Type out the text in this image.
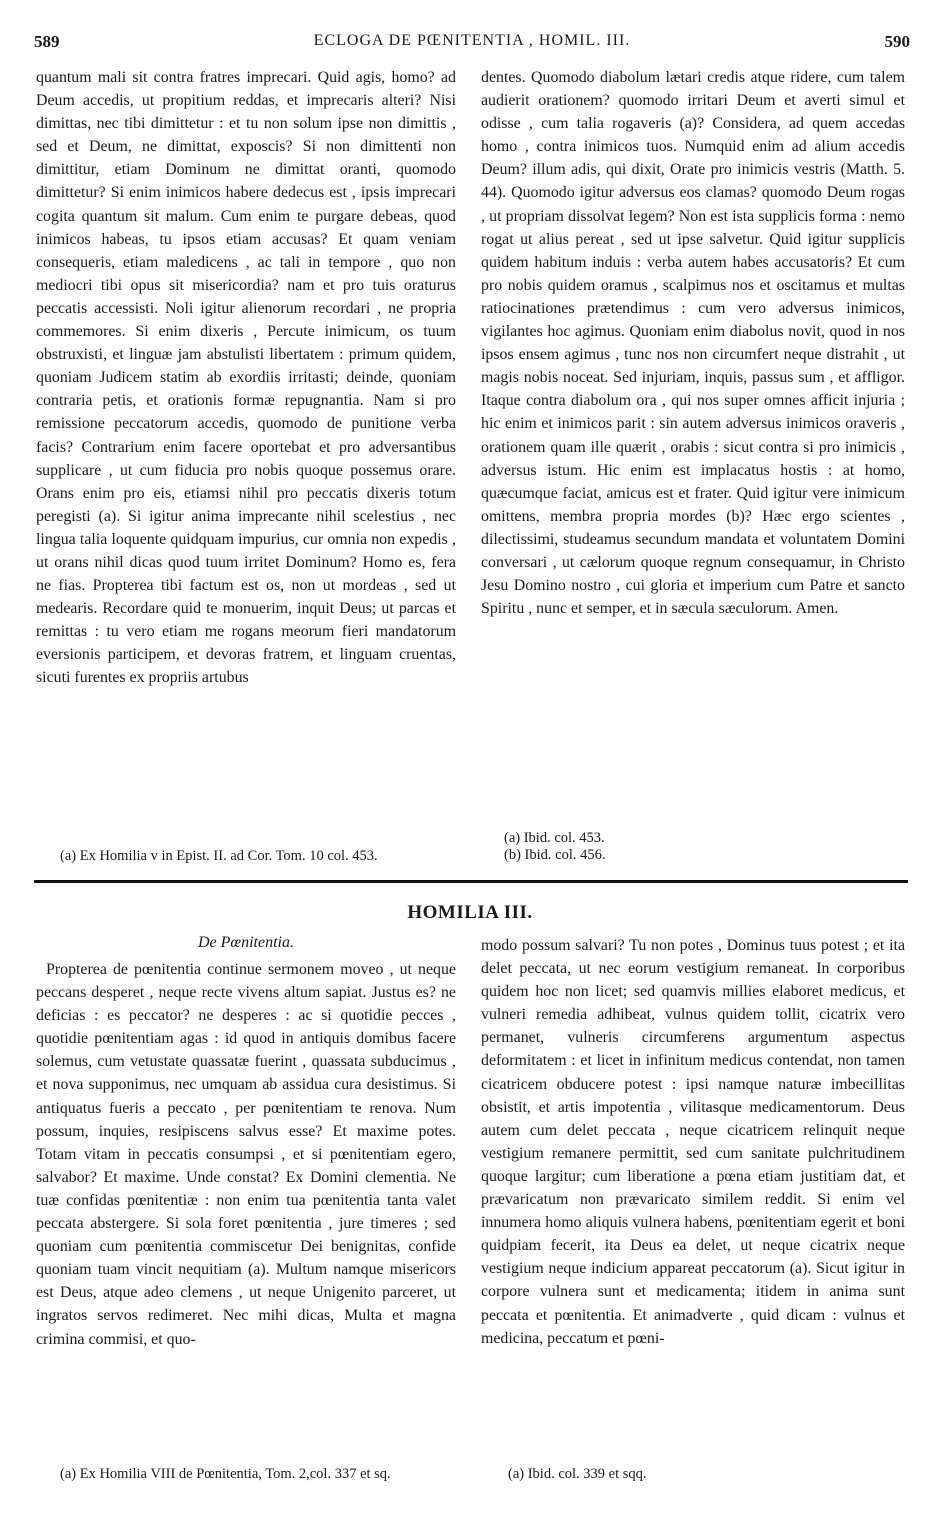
589	ECLOGA DE PŒNITENTIA , HOMIL. III.	590

quantum mali sit contra fratres imprecari. Quid agis, homo? ad Deum accedis, ut propitium reddas, et imprecaris alteri? Nisi dimittas, nec tibi dimittetur : et tu non solum ipse non dimittis , sed et Deum, ne dimittat, exposcis? Si non dimittenti non dimittitur, etiam Dominum ne dimittat oranti, quomodo dimittetur? Si enim inimicos habere dedecus est , ipsis imprecari cogita quantum sit malum. Cum enim te purgare debeas, quod inimicos habeas, tu ipsos etiam accusas? Et quam veniam consequeris, etiam maledicens , ac tali in tempore , quo non mediocri tibi opus sit misericordia? nam et pro tuis oraturus peccatis accessisti. Noli igitur alienorum recordari , ne propria commemores. Si enim dixeris , Percute inimicum, os tuum obstruxisti, et linguæ jam abstulisti libertatem : primum quidem, quoniam Judicem statim ab exordiis irritasti; deinde, quoniam contraria petis, et orationis formæ repugnantia. Nam si pro remissione peccatorum accedis, quomodo de punitione verba facis? Contrarium enim facere oportebat et pro adversantibus supplicare , ut cum fiducia pro nobis quoque possemus orare. Orans enim pro eis, etiamsi nihil pro peccatis dixeris totum peregisti (a). Si igitur anima imprecante nihil scelestius , nec lingua talia loquente quidquam impurius, cur omnia non expedis , ut orans nihil dicas quod tuum irritet Dominum? Homo es, fera ne fias. Propterea tibi factum est os, non ut mordeas , sed ut medearis. Recordare quid te monuerim, inquit Deus; ut parcas et remittas : tu vero etiam me rogans meorum fieri mandatorum eversionis participem, et devoras fratrem, et linguam cruentas, sicuti furentes ex propriis artubus

dentes. Quomodo diabolum lætari credis atque ridere, cum talem audierit orationem? quomodo irritari Deum et averti simul et odisse , cum talia rogaveris (a)? Considera, ad quem accedas homo , contra inimicos tuos. Numquid enim ad alium accedis Deum? illum adis, qui dixit, Orate pro inimicis vestris (Matth. 5. 44). Quomodo igitur adversus eos clamas? quomodo Deum rogas , ut propriam dissolvat legem? Non est ista supplicis forma : nemo rogat ut alius pereat , sed ut ipse salvetur. Quid igitur supplicis quidem habitum induis : verba autem habes accusatoris? Et cum pro nobis quidem oramus , scalpimus nos et oscitamus et multas ratiocinationes prætendimus : cum vero adversus inimicos, vigilantes hoc agimus. Quoniam enim diabolus novit, quod in nos ipsos ensem agimus , tunc nos non circumfert neque distrahit , ut magis nobis noceat. Sed injuriam, inquis, passus sum , et affligor. Itaque contra diabolum ora , qui nos super omnes afficit injuria ; hic enim et inimicos parit : sin autem adversus inimicos oraveris , orationem quam ille quærit , orabis : sicut contra si pro inimicis , adversus istum. Hic enim est implacatus hostis : at homo, quæcumque faciat, amicus est et frater. Quid igitur vere inimicum omittens, membra propria mordes (b)? Hæc ergo scientes , dilectissimi, studeamus secundum mandata et voluntatem Domini conversari , ut cælorum quoque regnum consequamur, in Christo Jesu Domino nostro , cui gloria et imperium cum Patre et sancto Spiritu , nunc et semper, et in sæcula sæculorum. Amen.

(a) Ex Homilia v in Epist. II. ad Cor. Tom. 10 col. 453.
(a) Ibid. col. 453.
(b) Ibid. col. 456.
HOMILIA III.
De Pœnitentia.

Propterea de pœnitentia continue sermonem moveo , ut neque peccans desperet , neque recte vivens altum sapiat. Justus es? ne deficias : es peccator? ne desperes : ac si quotidie pecces , quotidie pœnitentiam agas : id quod in antiquis domibus facere solemus, cum vetustate quassatæ fuerint , quassata subducimus , et nova supponimus, nec umquam ab assidua cura desistimus. Si antiquatus fueris a peccato , per pœnitentiam te renova. Num possum, inquies, resipiscens salvus esse? Et maxime potes. Totam vitam in peccatis consumpsi , et si pœnitentiam egero, salvabor? Et maxime. Unde constat? Ex Domini clementia. Ne tuæ confidas pœnitentiæ : non enim tua pœnitentia tanta valet peccata abstergere. Si sola foret pœnitentia , jure timeres ; sed quoniam cum pœnitentia commiscetur Dei benignitas, confide quoniam tuam vincit nequitiam (a). Multum namque misericors est Deus, atque adeo clemens , ut neque Unigenito parceret, ut ingratos servos redimeret. Nec mihi dicas, Multa et magna crimina commisi, et quo-

modo possum salvari? Tu non potes , Dominus tuus potest ; et ita delet peccata, ut nec eorum vestigium remaneat. In corporibus quidem hoc non licet; sed quamvis millies elaboret medicus, et vulneri remedia adhibeat, vulnus quidem tollit, cicatrix vero permanet, vulneris circumferens argumentum aspectus deformitatem : et licet in infinitum medicus contendat, non tamen cicatricem obducere potest : ipsi namque naturæ imbecillitas obsistit, et artis impotentia , vilitasque medicamentorum. Deus autem cum delet peccata , neque cicatricem relinquit neque vestigium remanere permittit, sed cum sanitate pulchritudinem quoque largitur; cum liberatione a pœna etiam justitiam dat, et prævaricatum non prævaricato similem reddit. Si enim vel innumera homo aliquis vulnera habens, pœnitentiam egerit et boni quidpiam fecerit, ita Deus ea delet, ut neque cicatrix neque vestigium neque indicium appareat peccatorum (a). Sicut igitur in corpore vulnera sunt et medicamenta; itidem in anima sunt peccata et pœnitentia. Et animadverte , quid dicam : vulnus et medicina, peccatum et pœni-

(a) Ex Homilia VIII de Pœnitentia, Tom. 2,col. 337 et sq.	(a) Ibid. col. 339 et sqq.
